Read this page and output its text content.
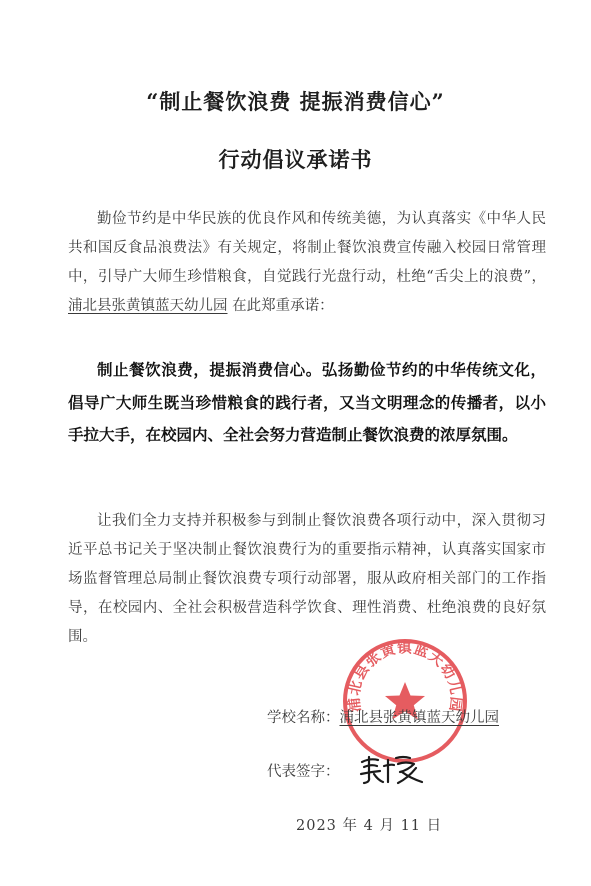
“制止餐饮浪费 提振消费信心”
行动倡议承诺书
勤俭节约是中华民族的优良作风和传统美德，为认真落实《中华人民共和国反食品浪费法》有关规定，将制止餐饮浪费宣传融入校园日常管理中，引导广大师生珍惜粮食，自觉践行光盘行动，杜绝“舌尖上的浪费”，浦北县张黄镇蓝天幼儿园 在此郑重承诺：
制止餐饮浪费，提振消费信心。弘扬勤俭节约的中华传统文化，倡导广大师生既当珍惜粮食的践行者，又当文明理念的传播者，以小手拉大手，在校园内、全社会努力营造制止餐饮浪费的浓厚氛围。
让我们全力支持并积极参与到制止餐饮浪费各项行动中，深入贯彻习近平总书记关于坚决制止餐饮浪费行为的重要指示精神，认真落实国家市场监督管理总局制止餐饮浪费专项行动部署，服从政府相关部门的工作指导，在校园内、全社会积极营造科学饮食、理性消费、杜绝浪费的良好氛围。
浦北县张黄镇蓝天幼儿园
学校名称：浦北县张黄镇蓝天幼儿园
代表签字：
2023 年 4 月 11 日
